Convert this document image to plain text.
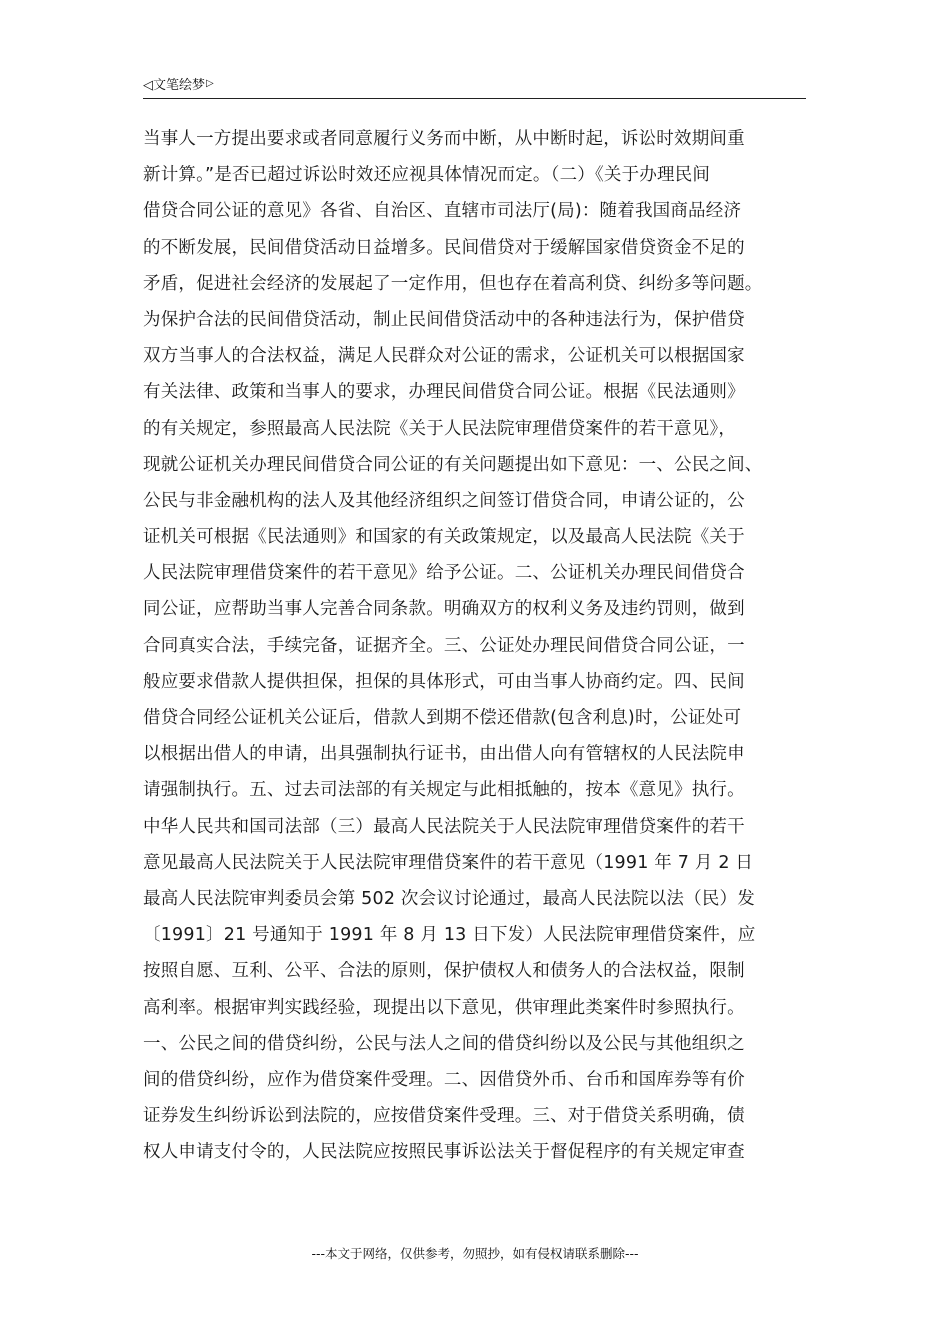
◁文笔绘梦▷
当事人一方提出要求或者同意履行义务而中断，从中断时起，诉讼时效期间重
新计算。”是否已超过诉讼时效还应视具体情况而定。（二）《关于办理民间
借贷合同公证的意见》各省、自治区、直辖市司法厅(局)：随着我国商品经济
的不断发展，民间借贷活动日益增多。民间借贷对于缓解国家借贷资金不足的
矛盾，促进社会经济的发展起了一定作用，但也存在着高利贷、纠纷多等问题。
为保护合法的民间借贷活动，制止民间借贷活动中的各种违法行为，保护借贷
双方当事人的合法权益，满足人民群众对公证的需求，公证机关可以根据国家
有关法律、政策和当事人的要求，办理民间借贷合同公证。根据《民法通则》
的有关规定，参照最高人民法院《关于人民法院审理借贷案件的若干意见》，
现就公证机关办理民间借贷合同公证的有关问题提出如下意见：一、公民之间、
公民与非金融机构的法人及其他经济组织之间签订借贷合同，申请公证的，公
证机关可根据《民法通则》和国家的有关政策规定，以及最高人民法院《关于
人民法院审理借贷案件的若干意见》给予公证。二、公证机关办理民间借贷合
同公证，应帮助当事人完善合同条款。明确双方的权利义务及违约罚则，做到
合同真实合法，手续完备，证据齐全。三、公证处办理民间借贷合同公证，一
般应要求借款人提供担保，担保的具体形式，可由当事人协商约定。四、民间
借贷合同经公证机关公证后，借款人到期不偿还借款(包含利息)时，公证处可
以根据出借人的申请，出具强制执行证书，由出借人向有管辖权的人民法院申
请强制执行。五、过去司法部的有关规定与此相抵触的，按本《意见》执行。
中华人民共和国司法部（三）最高人民法院关于人民法院审理借贷案件的若干
意见最高人民法院关于人民法院审理借贷案件的若干意见（1991 年 7 月 2 日
最高人民法院审判委员会第 502 次会议讨论通过，最高人民法院以法（民）发
〔1991〕21 号通知于 1991 年 8 月 13 日下发）人民法院审理借贷案件，应
按照自愿、互利、公平、合法的原则，保护债权人和债务人的合法权益，限制
高利率。根据审判实践经验，现提出以下意见，供审理此类案件时参照执行。
一、公民之间的借贷纠纷，公民与法人之间的借贷纠纷以及公民与其他组织之
间的借贷纠纷，应作为借贷案件受理。二、因借贷外币、台币和国库券等有价
证券发生纠纷诉讼到法院的，应按借贷案件受理。三、对于借贷关系明确，债
权人申请支付令的，人民法院应按照民事诉讼法关于督促程序的有关规定审查
---本文于网络，仅供参考，勿照抄，如有侵权请联系删除---
